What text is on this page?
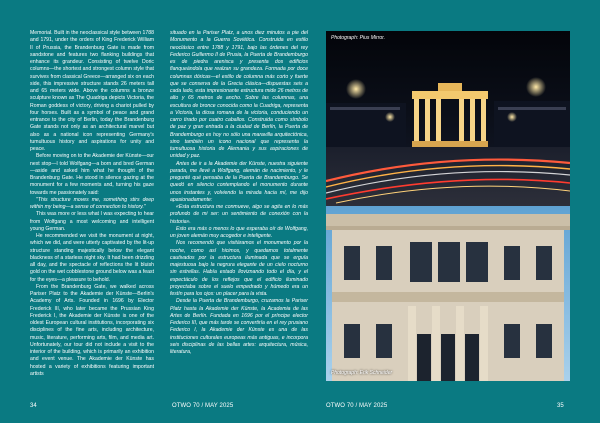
Memorial. Built in the neoclassical style between 1788 and 1791, under the orders of King Frederick William II of Prussia, the Brandenburg Gate is made from sandstone and features two flanking buildings that enhance its grandeur. Consisting of twelve Doric columns—the shortest and strongest column style that survives from classical Greece—arranged six on each side, this impressive structure stands 26 meters tall and 65 meters wide. Above the columns a bronze sculpture known as The Quadriga depicts Victoria, the Roman goddess of victory, driving a chariot pulled by four horses. Built as a symbol of peace and grand entrance to the city of Berlin, today the Brandenburg Gate stands not only as an architectural marvel but also as a national icon representing Germany's tumultuous history and aspirations for unity and peace.

Before moving on to the Akademie der Künste—our next stop—I told Wolfgang—a born and bred German—aside and asked him what he thought of the Brandenburg Gate. He stood in silence gazing at the monument for a few moments and, turning his gaze towards me passionately said:

"This structure moves me, something stirs deep within my being—a sense of connection to history."

This was more or less what I was expecting to hear from Wolfgang a most welcoming and intelligent young German.

He recommended we visit the monument at night, which we did, and were utterly captivated by the lit-up structure standing majestically below the elegant blackness of a starless night sky. It had been drizzling all day, and the spectacle of reflections the lit bluish gold on the wet cobblestone ground below was a feast for the eyes—a pleasure to behold.

From the Brandenburg Gate, we walked across Pariser Platz to the Akademie der Künste—Berlin's Academy of Arts. Founded in 1696 by Elector Frederick III, who later became the Prussian King Frederick I, the Akademie der Künste is one of the oldest European cultural institutions, incorporating six disciplines of the fine arts, including architecture, music, literature, performing arts, film, and media art. Unfortunately, our tour did not include a visit to the interior of the building, which is primarily an exhibition and event venue. The Akademie der Künste has hosted a variety of exhibitions featuring important artists

situado en la Pariser Platz, a unos diez minutos a pie del Monumento a la Guerra Soviética. Construida en estilo neoclásico entre 1788 y 1791, bajo las órdenes del rey Federico Guillermo II de Prusia, la Puerta de Brandemburgo es de piedra arenisca y presenta dos edificios flanqueándola que realzan su grandeza. Formada por doce columnas dóricas—el estilo de columna más corto y fuerte que se conserva de la Grecia clásica—dispuestas seis a cada lado, esta impresionante estructura mide 26 metros de alto y 65 metros de ancho. Sobre las columnas, una escultura de bronce conocida como la Cuadriga, representa a Victoria, la diosa romana de la victoria, conduciendo un carro tirado por cuatro caballos. Construida como símbolo de paz y gran entrada a la ciudad de Berlín, la Puerta de Brandemburgo es hoy no sólo una maravilla arquitectónica, sino también un icono nacional que representa la tumultuosa historia de Alemania y sus aspiraciones de unidad y paz.

Antes de ir a la Akademie der Künste, nuestra siguiente parada, me llevé a Wolfgang, alemán de nacimiento, y le pregunté qué pensaba de la Puerta de Brandemburgo. Se quedó en silencio contemplando el monumento durante unos instantes y, volviendo la mirada hacia mí, me dijo apasionadamente:

«Esta estructura me conmueve, algo se agita en lo más profundo de mi ser: un sentimiento de conexión con la historia».

Esto era más o menos lo que esperaba oír de Wolfgang, un joven alemán muy acogedor e inteligente.

Nos recomendó que visitáramos el monumento por la noche, como así hicimos, y quedamos totalmente cautivados por la estructura iluminada que se erguía majestuosa bajo la negrura elegante de un cielo nocturno sin estrellas. Había estado lloviznando todo el día, y el espectáculo de los reflejos que el edificio iluminado proyectaba sobre el suelo empedrado y húmedo era un festín para los ojos: un placer para la vista.

Desde la Puerta de Brandemburgo, cruzamos la Pariser Platz hasta la Akademie der Künste, la Academia de las Artes de Berlín. Fundada en 1696 por el príncipe elector Federico III, que más tarde se convertiría en el rey prusiano Federico I, la Akademie der Künste es una de las instituciones culturales europeas más antiguas, e incorpora seis disciplinas de las bellas artes: arquitectura, música, literatura,

Photograph: Pius Mirror.
Photograph: Erik Schneider
34	OTWO 70 / MAY 2025	OTWO 70 / MAY 2025	35
